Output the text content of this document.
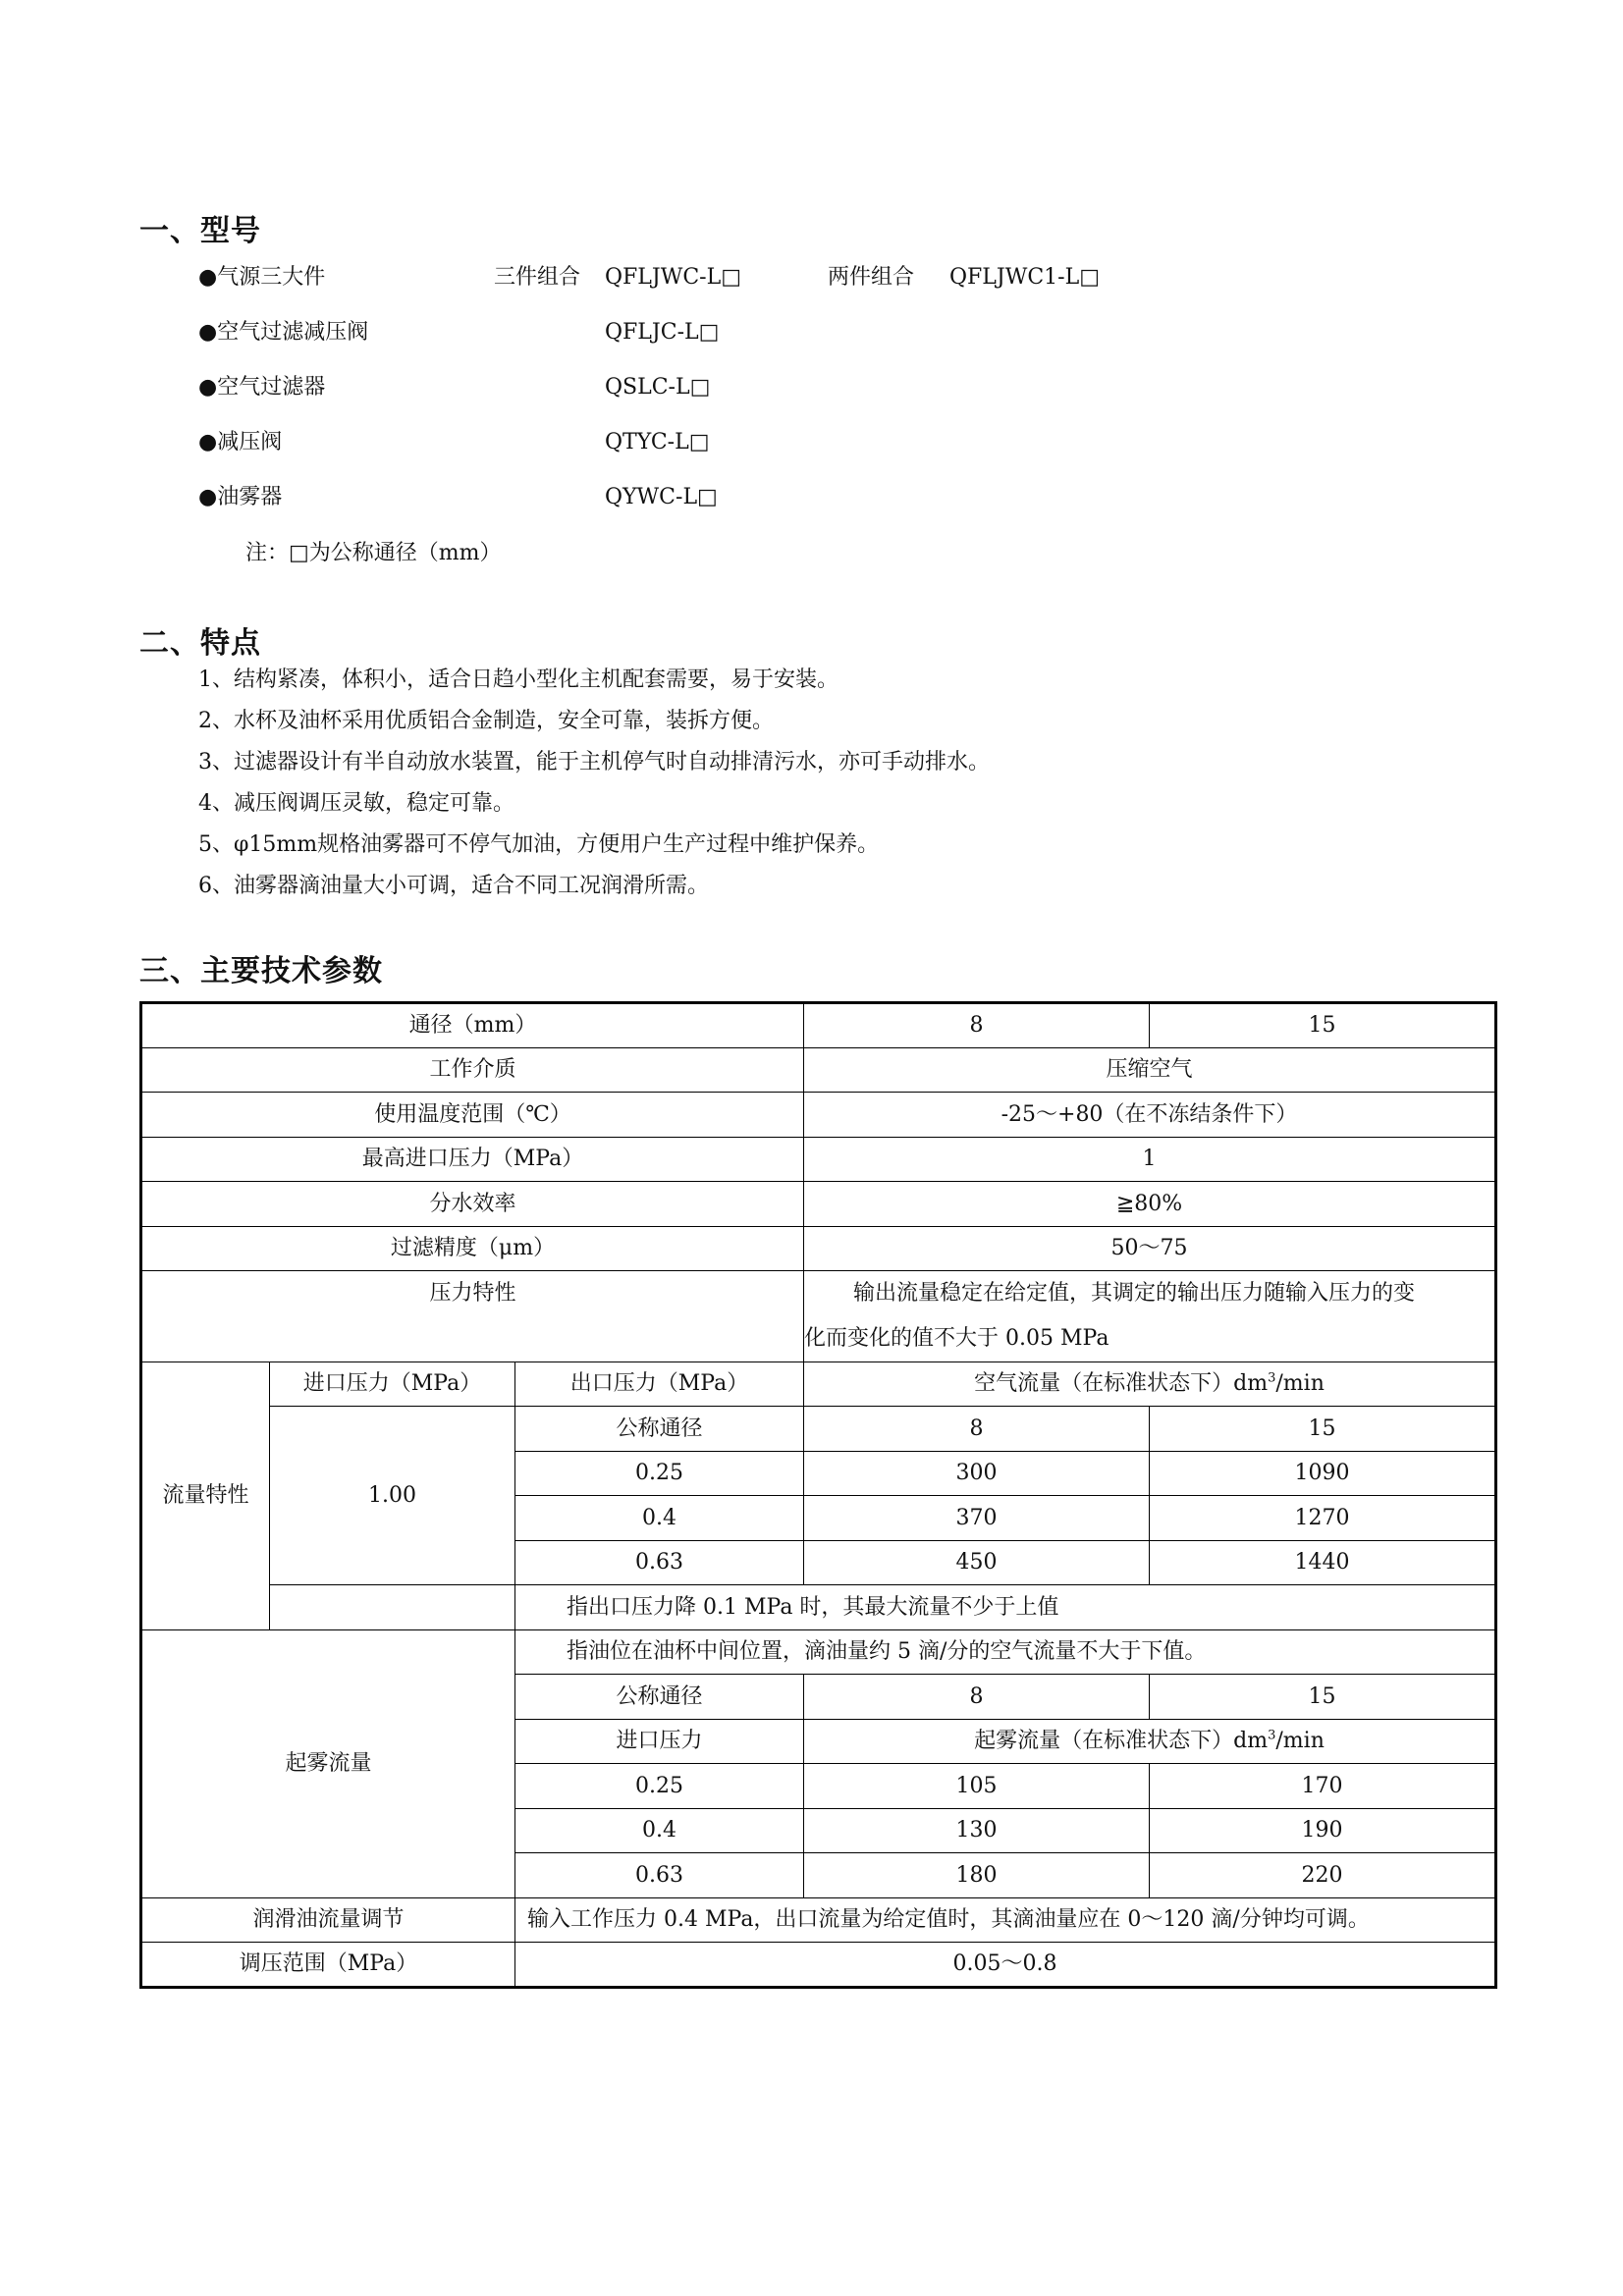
一、型号
●气源三大件	三件组合 QFLJWC-L□	两件组合 QFLJWC1-L□
●空气过滤减压阀	QFLJC-L□
●空气过滤器	QSLC-L□
●减压阀	QTYC-L□
●油雾器	QYWC-L□
注：□为公称通径（mm）
二、特点
1、结构紧凑，体积小，适合日趋小型化主机配套需要，易于安装。
2、水杯及油杯采用优质铝合金制造，安全可靠，装拆方便。
3、过滤器设计有半自动放水装置，能于主机停气时自动排清污水，亦可手动排水。
4、减压阀调压灵敏，稳定可靠。
5、φ15mm规格油雾器可不停气加油，方便用户生产过程中维护保养。
6、油雾器滴油量大小可调，适合不同工况润滑所需。
三、主要技术参数
通径（mm）			8	15
工作介质			压缩空气	
使用温度范围（℃）			-25～+80（在不冻结条件下）	
最高进口压力（MPa）			1	
分水效率			≧80%	
过滤精度（μm）			50～75	
压力特性			输出流量稳定在给定值，其调定的输出压力随输入压力的变
化而变化的值不大于 0.05 MPa	

流量特性	进口压力（MPa）	出口压力（MPa）	空气流量（在标准状态下）$dm^3/\min$	
	1.00	公称通径	8	15
		0.25	300	1090
		0.4	370	1270
		0.63	450	1440
		指出口压力降 0.1 MPa 时，其最大流量不少于上值		
起雾流量		指油位在油杯中间位置，滴油量约 5 滴/分的空气流量不大于下值。		
		公称通径	8	15
		进口压力	起雾流量（在标准状态下）$dm^3/\min$	
		0.25	105	170
		0.4	130	190
		0.63	180	220
润滑油流量调节		输入工作压力 0.4 MPa，出口流量为给定值时，其滴油量应在 0～120 滴/分钟均可调。		
调压范围（MPa）		0.05～0.8		
